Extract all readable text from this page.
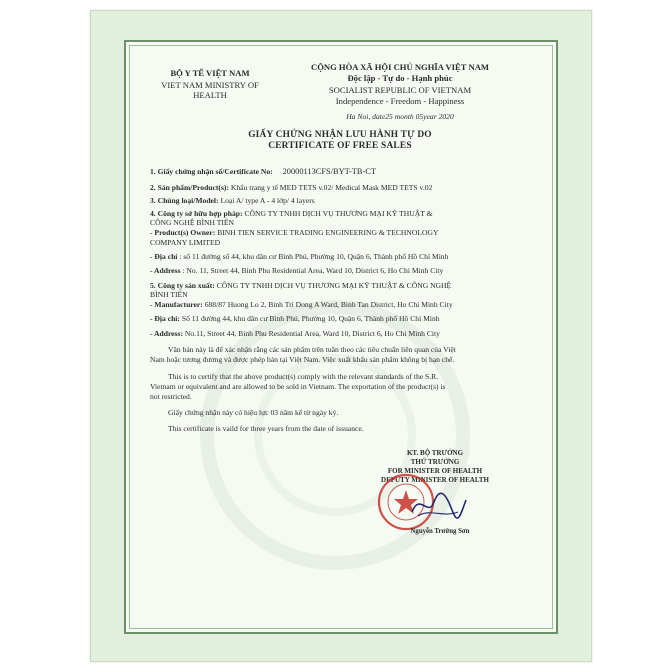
BỘ Y TẾ VIỆT NAM
VIET NAM MINISTRY OF
HEALTH
CỘNG HÒA XÃ HỘI CHỦ NGHĨA VIỆT NAM
Độc lập - Tự do - Hạnh phúc
SOCIALIST REPUBLIC OF VIETNAM
Independence - Freedom - Happiness
Ha Noi, date25 month 05year 2020
GIẤY CHỨNG NHẬN LƯU HÀNH TỰ DO
CERTIFICATE OF FREE SALES
1. Giấy chứng nhận số/Certificate No: 20000113CFS/BYT-TB-CT
2. Sản phẩm/Product(s): Khẩu trang y tế MED TETS v.02/ Medical Mask MED TETS v.02
3. Chủng loại/Model: Loại A/ type A - 4 lớp/ 4 layers
4. Công ty sở hữu hợp pháp: CÔNG TY TNHH DỊCH VỤ THƯƠNG MẠI KỸ THUẬT &
CÔNG NGHỆ BÌNH TIẾN
- Product(s) Owner: BINH TIEN SERVICE TRADING ENGINEERING & TECHNOLOGY
COMPANY LIMITED
- Địa chỉ : số 11 đường số 44, khu dân cư Bình Phú, Phường 10, Quận 6, Thành phố Hồ Chí Minh
- Address : No. 11, Street 44, Binh Phu Residential Area, Ward 10, District 6, Ho Chi Minh City
5. Công ty sản xuất: CÔNG TY TNHH DỊCH VỤ THƯƠNG MẠI KỸ THUẬT & CÔNG NGHỆ
BÌNH TIẾN
- Manufacturer: 688/87 Huong Lo 2, Binh Tri Dong A Ward, Binh Tan District, Ho Chi Minh City
- Địa chỉ: Số 11 đường 44, khu dân cư Bình Phú, Phường 10, Quận 6, Thành phố Hồ Chí Minh
- Address: No.11, Street 44, Binh Phu Residential Area, Ward 10, District 6, Ho Chi Minh City
Văn bản này là để xác nhận rằng các sản phẩm trên tuân theo các tiêu chuẩn liên quan của Việt
Nam hoặc tương đương và được phép bán tại Việt Nam. Việc xuất khẩu sản phẩm không bị hạn chế.
This is to certify that the above product(s) comply with the relevant standards of the S.R.
Vietnam or equivalent and are allowed to be sold in Vietnam. The exportation of the product(s) is
not restricted.
Giấy chứng nhận này có hiệu lực 03 năm kể từ ngày ký.
This certificate is vaild for three years from the date of issuance.
KT. BỘ TRƯỞNG
THỨ TRƯỞNG
FOR MINISTER OF HEALTH
DEPUTY MINISTER OF HEALTH
Nguyễn Trường Sơn
